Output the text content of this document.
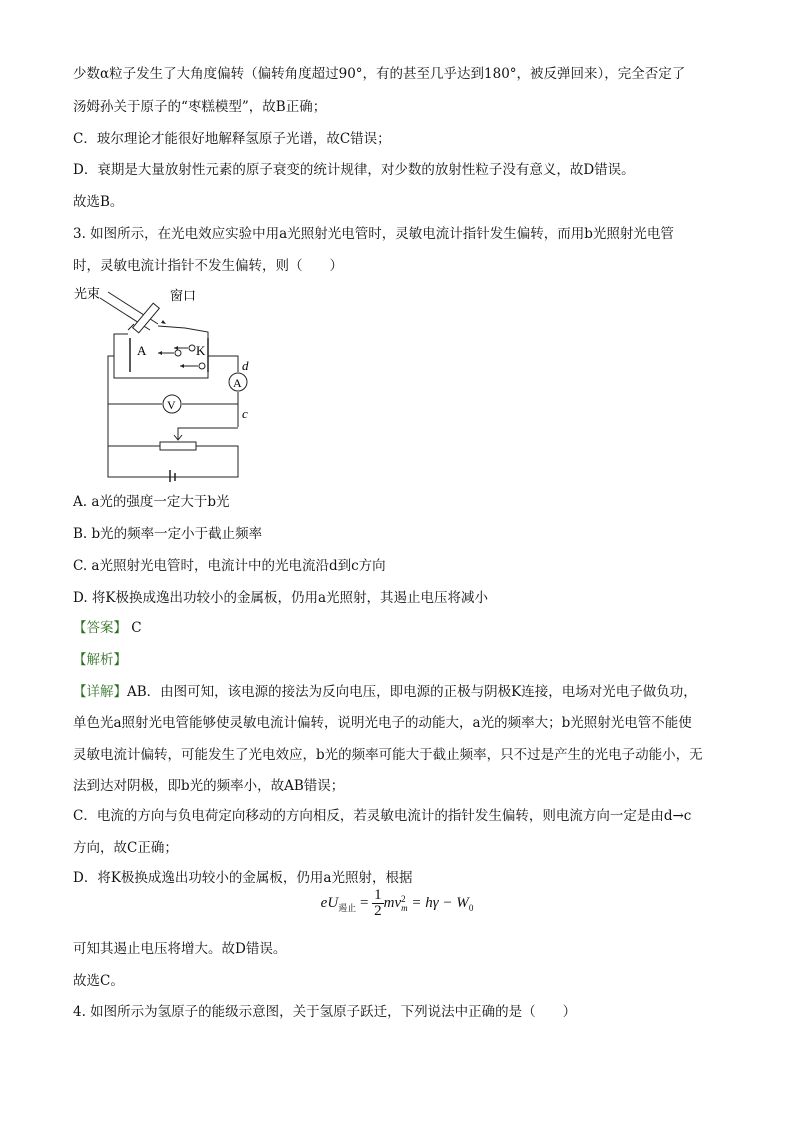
少数α粒子发生了大角度偏转（偏转角度超过90°，有的甚至几乎达到180°，被反弹回来），完全否定了
汤姆孙关于原子的“枣糕模型”，故B正确；
C．玻尔理论才能很好地解释氢原子光谱，故C错误；
D．衰期是大量放射性元素的原子衰变的统计规律，对少数的放射性粒子没有意义，故D错误。
故选B。
3. 如图所示，在光电效应实验中用a光照射光电管时，灵敏电流计指针发生偏转，而用b光照射光电管
时，灵敏电流计指针不发生偏转，则（　　）
光束	窗口
A	K
A
V
d
c
A. a光的强度一定大于b光
B. b光的频率一定小于截止频率
C. a光照射光电管时，电流计中的光电流沿d到c方向
D. 将K极换成逸出功较小的金属板，仍用a光照射，其遏止电压将减小
【答案】 C
【解析】
【详解】AB．由图可知，该电源的接法为反向电压，即电源的正极与阴极K连接，电场对光电子做负功，
单色光a照射光电管能够使灵敏电流计偏转，说明光电子的动能大，a光的频率大；b光照射光电管不能使
灵敏电流计偏转，可能发生了光电效应，b光的频率可能大于截止频率，只不过是产生的光电子动能小，无
法到达对阴极，即b光的频率小，故AB错误；
C．电流的方向与负电荷定向移动的方向相反，若灵敏电流计的指针发生偏转，则电流方向一定是由d→c
方向，故C正确；
D．将K极换成逸出功较小的金属板，仍用a光照射，根据
$eU_{遏止} = \frac{1}{2}$ mv 2
$m = h\gamma - W_0$
可知其遏止电压将增大。故D错误。
故选C。
4. 如图所示为氢原子的能级示意图，关于氢原子跃迁，下列说法中正确的是（　　）
